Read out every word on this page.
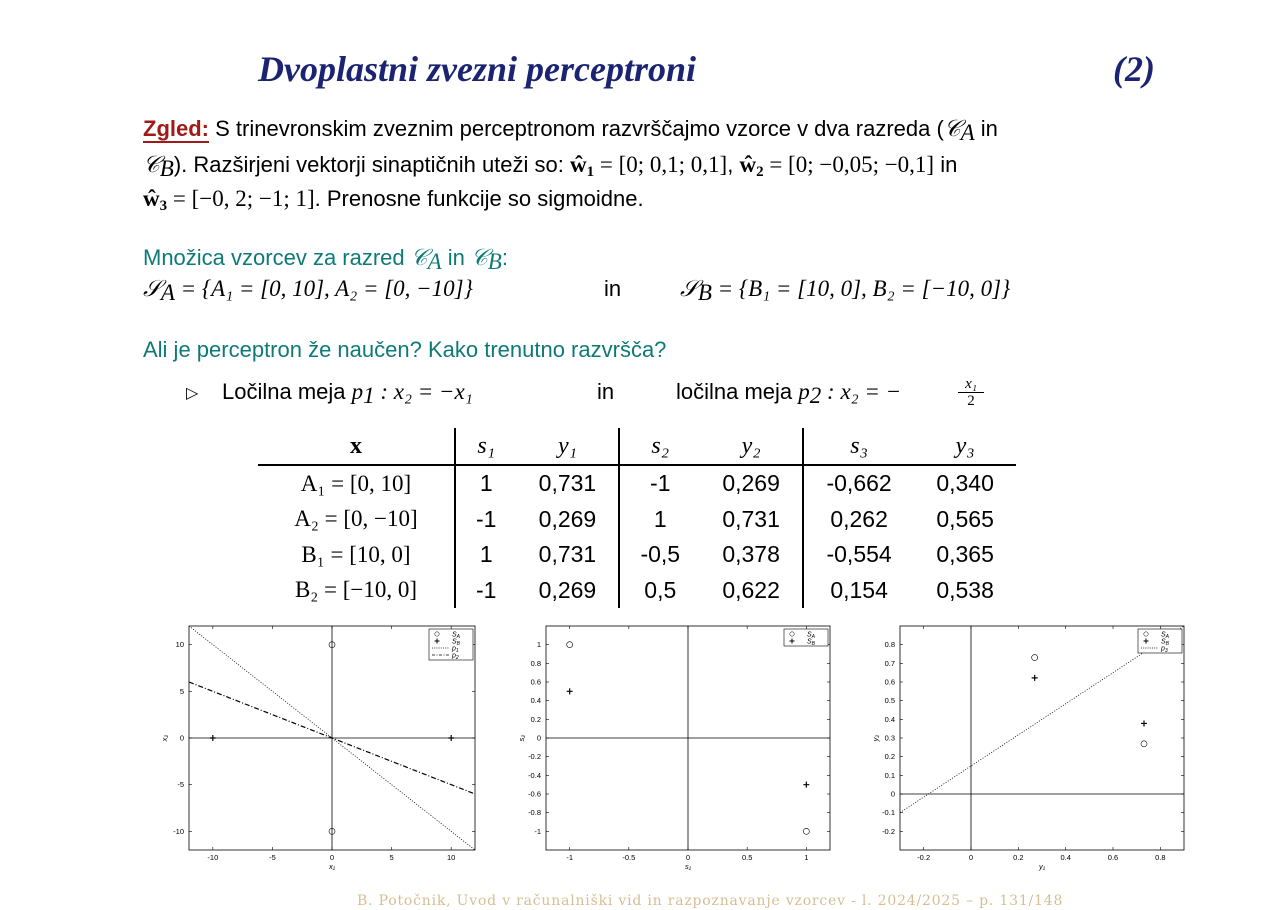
Dvoplastni zvezni perceptroni	(2)
Zgled: S trinevronskim zveznim perceptronom razvrščajmo vzorce v dva razreda (𝒞$_A$ in
𝒞$_B$). Razširjeni vektorji sinaptičnih uteži so: $ŵ_1 = [0$; 0,1; 0,1], $ŵ_2 = [0$; −0,05; −0,1] in
$ŵ_3 = [-0$, 2; −1; 1]. Prenosne funkcije so sigmoidne.
Množica vzorcev za razred 𝒞$_A$ in 𝒞$_B$:
𝒮$_A$ = {A₁ = [0, 10], A₂ = [0, −10]}	in	𝒮$_B$ = {B₁ = [10, 0], B₂ = [−10, 0]}
Ali je perceptron že naučen? Kako trenutno razvršča?
▷ Ločilna meja $p_1$ : x₂ = −x₁	in	ločilna meja $p_2$ : x₂ = −	$\frac{\text{x₁}}{2}$
x	s₁	y₁	s₂	y₂	s₃	y₃
A₁ = [0, 10]	1	0,731	-1	0,269	-0,662	0,340
A₂ = [0, −10]	-1	0,269	1	0,731	0,262	0,565
B₁ = [10, 0]	1	0,731	-0,5	0,378	-0,554	0,365
B₂ = [−10, 0]	-1	0,269	0,5	0,622	0,154	0,538
-10	-5	0	5	10
-10
-5
0
5
10
x₁
x₂
$S_A$
$S_B$
$p_1$
$p_2$
-1	-0.5	0	0.5	1
-1
-0.8
-0.6
-0.4
-0.2
0
0.2
0.4
0.6
0.8
1
s₁
s₂
$S_A$
$S_B$
-0.2	0	0.2	0.4	0.6	0.8
-0.2
-0.1
0
0.1
0.2
0.3
0.4
0.5
0.6
0.7
0.8
y₁
y₂
$S_A$
$S_B$
$p_3$
B. Potočnik, Uvod v računalniški vid in razpoznavanje vzorcev - l. 2024/2025 – p. 131/148
